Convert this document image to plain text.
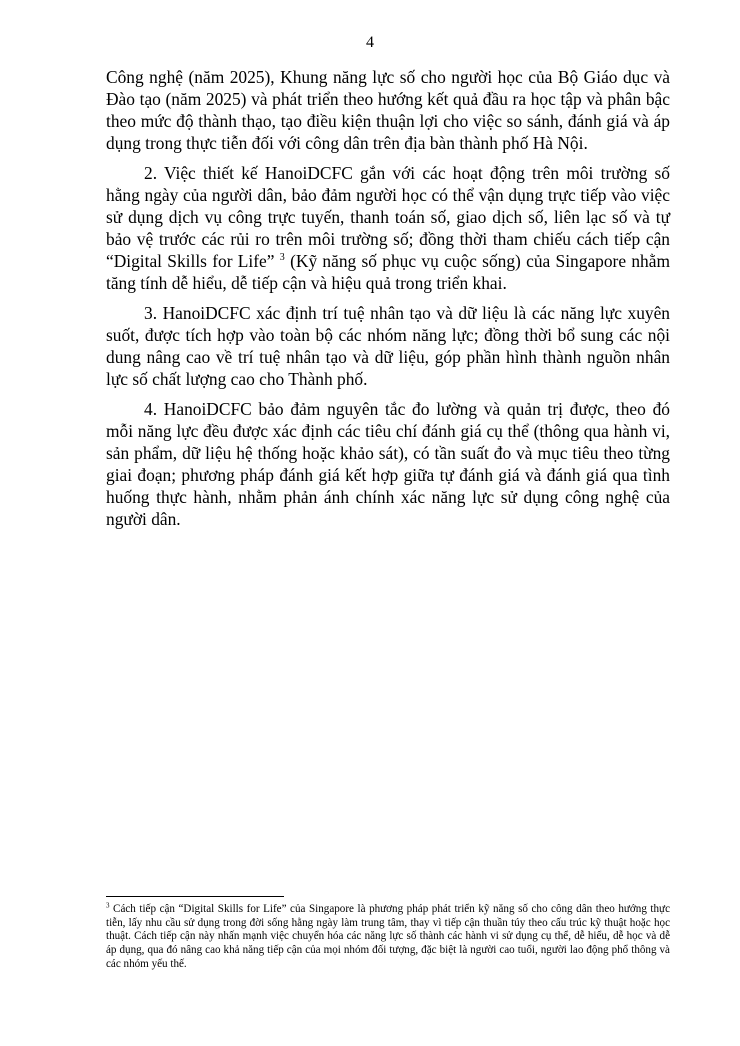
4

Công nghệ (năm 2025), Khung năng lực số cho người học của Bộ Giáo dục và Đào tạo (năm 2025) và phát triển theo hướng kết quả đầu ra học tập và phân bậc theo mức độ thành thạo, tạo điều kiện thuận lợi cho việc so sánh, đánh giá và áp dụng trong thực tiễn đối với công dân trên địa bàn thành phố Hà Nội.

2. Việc thiết kế HanoiDCFC gắn với các hoạt động trên môi trường số hằng ngày của người dân, bảo đảm người học có thể vận dụng trực tiếp vào việc sử dụng dịch vụ công trực tuyến, thanh toán số, giao dịch số, liên lạc số và tự bảo vệ trước các rủi ro trên môi trường số; đồng thời tham chiếu cách tiếp cận “Digital Skills for Life” $^3$ (Kỹ năng số phục vụ cuộc sống) của Singapore nhằm tăng tính dễ hiểu, dễ tiếp cận và hiệu quả trong triển khai.

3. HanoiDCFC xác định trí tuệ nhân tạo và dữ liệu là các năng lực xuyên suốt, được tích hợp vào toàn bộ các nhóm năng lực; đồng thời bổ sung các nội dung nâng cao về trí tuệ nhân tạo và dữ liệu, góp phần hình thành nguồn nhân lực số chất lượng cao cho Thành phố.

4. HanoiDCFC bảo đảm nguyên tắc đo lường và quản trị được, theo đó mỗi năng lực đều được xác định các tiêu chí đánh giá cụ thể (thông qua hành vi, sản phẩm, dữ liệu hệ thống hoặc khảo sát), có tần suất đo và mục tiêu theo từng giai đoạn; phương pháp đánh giá kết hợp giữa tự đánh giá và đánh giá qua tình huống thực hành, nhằm phản ánh chính xác năng lực sử dụng công nghệ của người dân.

$^3$ Cách tiếp cận “Digital Skills for Life” của Singapore là phương pháp phát triển kỹ năng số cho công dân theo hướng thực tiễn, lấy nhu cầu sử dụng trong đời sống hằng ngày làm trung tâm, thay vì tiếp cận thuần túy theo cấu trúc kỹ thuật hoặc học thuật. Cách tiếp cận này nhấn mạnh việc chuyển hóa các năng lực số thành các hành vi sử dụng cụ thể, dễ hiểu, dễ học và dễ áp dụng, qua đó nâng cao khả năng tiếp cận của mọi nhóm đối tượng, đặc biệt là người cao tuổi, người lao động phổ thông và các nhóm yếu thế.
